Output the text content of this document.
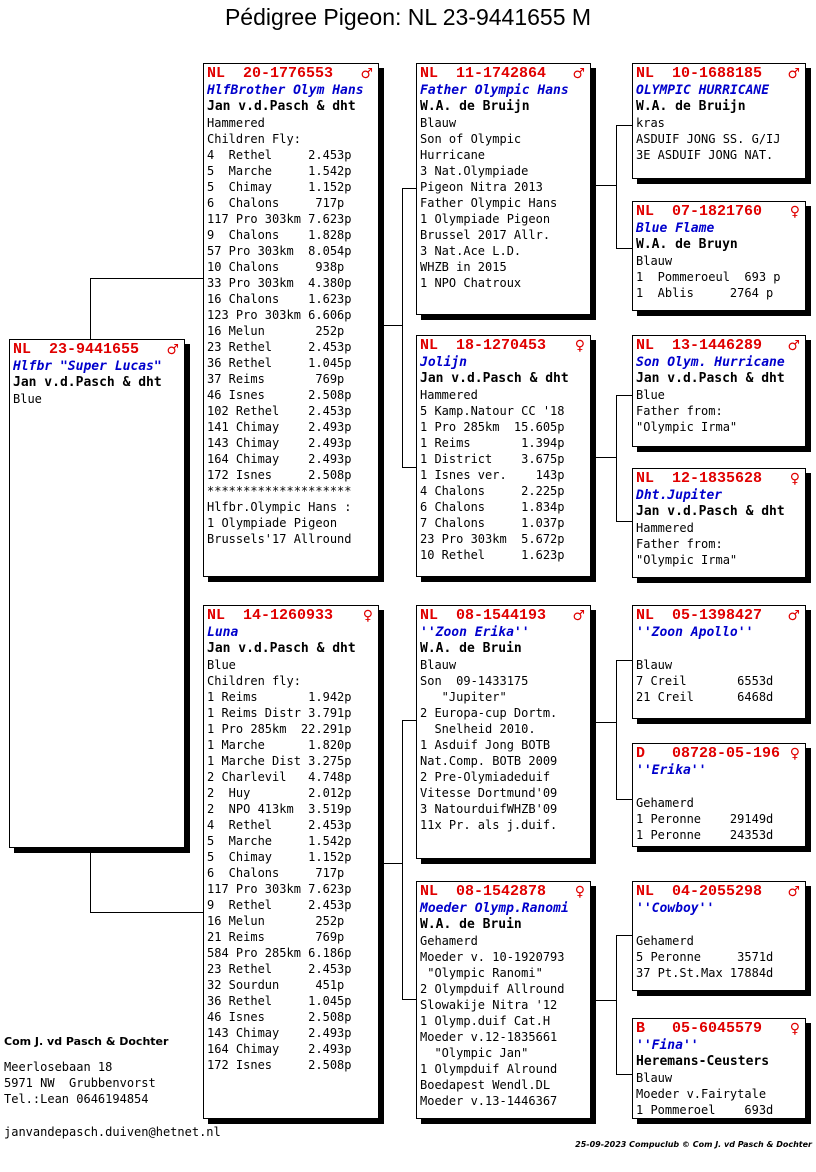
Pédigree Pigeon: NL 23-9441655 M
NL  23-9441655 ♂
Hlfbr "Super Lucas"
Jan v.d.Pasch & dht
Blue
NL  20-1776553 ♂
HlfBrother Olym Hans
Jan v.d.Pasch & dht
Hammered
Children Fly:
4  Rethel     2.453p
5  Marche     1.542p
5  Chimay     1.152p
6  Chalons     717p
117 Pro 303km 7.623p
9  Chalons    1.828p
57 Pro 303km  8.054p
10 Chalons     938p
33 Pro 303km  4.380p
16 Chalons    1.623p
123 Pro 303km 6.606p
16 Melun       252p
23 Rethel     2.453p
36 Rethel     1.045p
37 Reims       769p
46 Isnes      2.508p
102 Rethel    2.453p
141 Chimay    2.493p
143 Chimay    2.493p
164 Chimay    2.493p
172 Isnes     2.508p
********************
Hlfbr.Olympic Hans :
1 Olympiade Pigeon
Brussels'17 Allround
NL  14-1260933 ♀
Luna
Jan v.d.Pasch & dht
Blue
Children fly:
1 Reims       1.942p
1 Reims Distr 3.791p
1 Pro 285km  22.291p
1 Marche      1.820p
1 Marche Dist 3.275p
2 Charlevil   4.748p
2  Huy        2.012p
2  NPO 413km  3.519p
4  Rethel     2.453p
5  Marche     1.542p
5  Chimay     1.152p
6  Chalons     717p
117 Pro 303km 7.623p
9  Rethel     2.453p
16 Melun       252p
21 Reims       769p
584 Pro 285km 6.186p
23 Rethel     2.453p
32 Sourdun     451p
36 Rethel     1.045p
46 Isnes      2.508p
143 Chimay    2.493p
164 Chimay    2.493p
172 Isnes     2.508p
NL  11-1742864 ♂
Father Olympic Hans
W.A. de Bruijn
Blauw
Son of Olympic
Hurricane
3 Nat.Olympiade
Pigeon Nitra 2013
Father Olympic Hans
1 Olympiade Pigeon
Brussel 2017 Allr.
3 Nat.Ace L.D.
WHZB in 2015
1 NPO Chatroux
NL  18-1270453 ♀
Jolijn
Jan v.d.Pasch & dht
Hammered
5 Kamp.Natour CC '18
1 Pro 285km  15.605p
1 Reims       1.394p
1 District    3.675p
1 Isnes ver.    143p
4 Chalons     2.225p
6 Chalons     1.834p
7 Chalons     1.037p
23 Pro 303km  5.672p
10 Rethel     1.623p
NL  08-1544193 ♂
''Zoon Erika''
W.A. de Bruin
Blauw
Son  09-1433175
"Jupiter"
2 Europa-cup Dortm.
Snelheid 2010.
1 Asduif Jong BOTB
Nat.Comp. BOTB 2009
2 Pre-Olymiadeduif
Vitesse Dortmund'09
3 NatourduifWHZB'09
11x Pr. als j.duif.
NL  08-1542878 ♀
Moeder Olymp.Ranomi
W.A. de Bruin
Gehamerd
Moeder v. 10-1920793
"Olympic Ranomi"
2 Olympduif Allround
Slowakije Nitra '12
1 Olymp.duif Cat.H
Moeder v.12-1835661
"Olympic Jan"
1 Olympduif Alround
Boedapest Wendl.DL
Moeder v.13-1446367
NL  10-1688185 ♂
OLYMPIC HURRICANE
W.A. de Bruijn
kras
ASDUIF JONG SS. G/IJ
3E ASDUIF JONG NAT.
NL  07-1821760 ♀
Blue Flame
W.A. de Bruyn
Blauw
1  Pommeroeul  693 p
1  Ablis     2764 p
NL  13-1446289 ♂
Son Olym. Hurricane
Jan v.d.Pasch & dht
Blue
Father from:
"Olympic Irma"
NL  12-1835628 ♀
Dht.Jupiter
Jan v.d.Pasch & dht
Hammered
Father from:
"Olympic Irma"
NL  05-1398427 ♂
''Zoon Apollo''
Blauw
7 Creil       6553d
21 Creil      6468d
D   08728-05-196 ♀
''Erika''
Gehamerd
1 Peronne    29149d
1 Peronne    24353d
NL  04-2055298 ♂
''Cowboy''
Gehamerd
5 Peronne     3571d
37 Pt.St.Max 17884d
B   05-6045579 ♀
''Fina''
Heremans-Ceusters
Blauw
Moeder v.Fairytale
1 Pommeroel    693d
Com J. vd Pasch & Dochter
Meerlosebaan 18
5971 NW  Grubbenvorst
Tel.:Lean 0646194854
janvandepasch.duiven@hetnet.nl
25-09-2023 Compuclub © Com J. vd Pasch & Dochter
